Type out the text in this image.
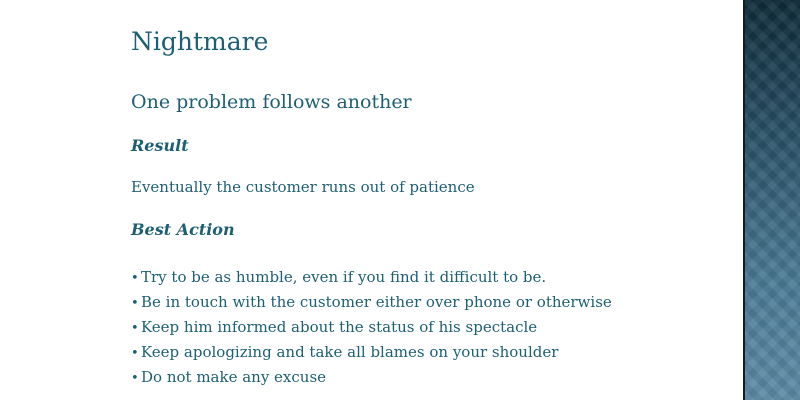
Nightmare

One problem follows another

Result

Eventually the customer runs out of patience

Best Action

• Try to be as humble, even if you find it difficult to be.
• Be in touch with the customer either over phone or otherwise
• Keep him informed about the status of his spectacle
• Keep apologizing and take all blames on your shoulder
• Do not make any excuse
